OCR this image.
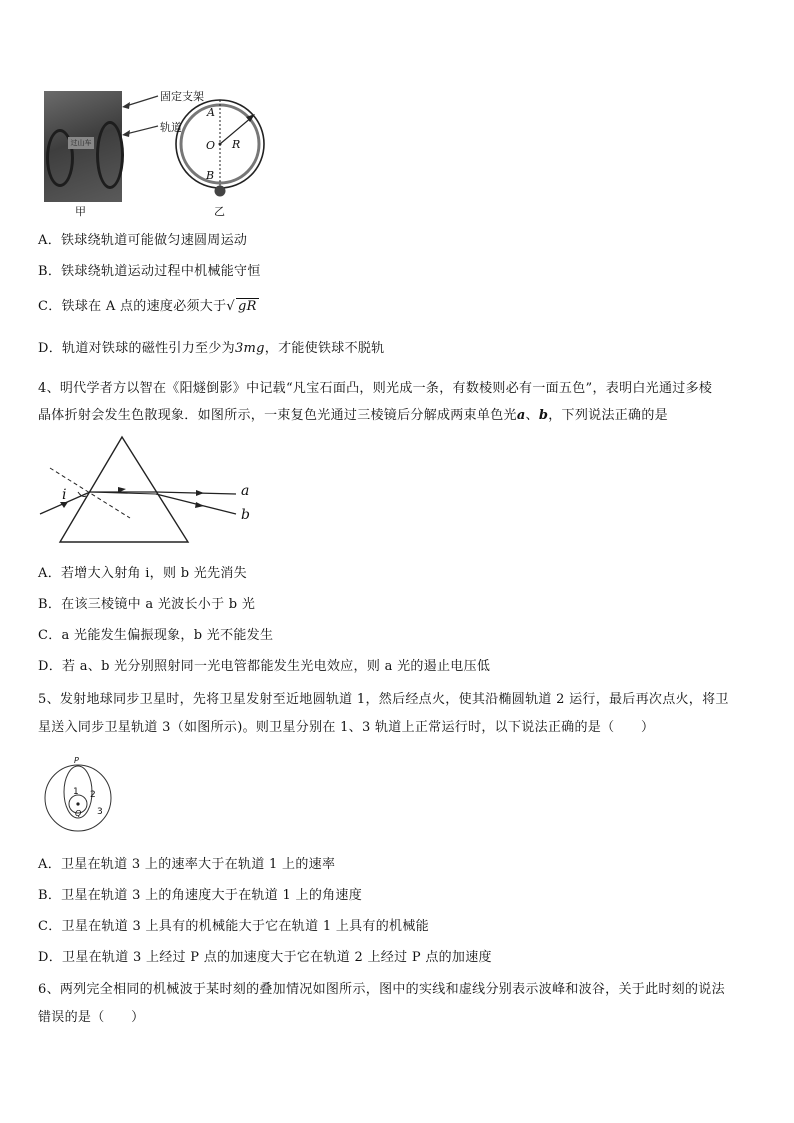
过山车
固定支架
轨道
A
O R
B
甲	乙
A．铁球绕轨道可能做匀速圆周运动
B．铁球绕轨道运动过程中机械能守恒
C．铁球在 A 点的速度必须大于√ gR
D．轨道对铁球的磁性引力至少为3mg，才能使铁球不脱轨
4、明代学者方以智在《阳燧倒影》中记载“凡宝石面凸，则光成一条，有数棱则必有一面五色”，表明白光通过多棱
晶体折射会发生色散现象．如图所示，一束复色光通过三棱镜后分解成两束单色光a、b，下列说法正确的是
i	a
b
A．若增大入射角 i，则 b 光先消失
B．在该三棱镜中 a 光波长小于 b 光
C．a 光能发生偏振现象，b 光不能发生
D．若 a、b 光分别照射同一光电管都能发生光电效应，则 a 光的遏止电压低
5、发射地球同步卫星时，先将卫星发射至近地圆轨道 1，然后经点火，使其沿椭圆轨道 2 运行，最后再次点火，将卫
星送入同步卫星轨道 3（如图所示)。则卫星分别在 1、3 轨道上正常运行时，以下说法正确的是（　　）
P
1 2
3
Q
A．卫星在轨道 3 上的速率大于在轨道 1 上的速率
B．卫星在轨道 3 上的角速度大于在轨道 1 上的角速度
C．卫星在轨道 3 上具有的机械能大于它在轨道 1 上具有的机械能
D．卫星在轨道 3 上经过 P 点的加速度大于它在轨道 2 上经过 P 点的加速度
6、两列完全相同的机械波于某时刻的叠加情况如图所示，图中的实线和虚线分别表示波峰和波谷，关于此时刻的说法
错误的是（　　）
